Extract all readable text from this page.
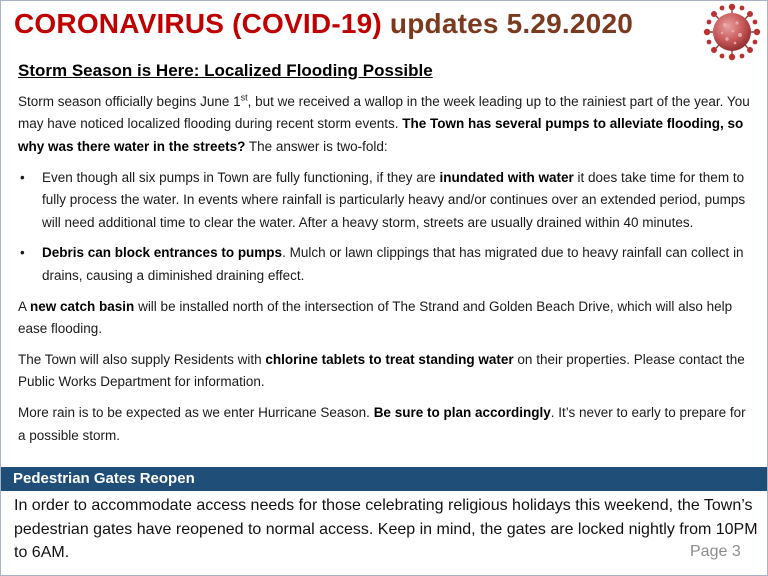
CORONAVIRUS (COVID-19) updates 5.29.2020
Storm Season is Here: Localized Flooding Possible

Storm season officially begins June 1st, but we received a wallop in the week leading up to the rainiest part of the year. You may have noticed localized flooding during recent storm events. The Town has several pumps to alleviate flooding, so why was there water in the streets? The answer is two-fold:

• Even though all six pumps in Town are fully functioning, if they are inundated with water it does take time for them to fully process the water. In events where rainfall is particularly heavy and/or continues over an extended period, pumps will need additional time to clear the water. After a heavy storm, streets are usually drained within 40 minutes.
• Debris can block entrances to pumps. Mulch or lawn clippings that has migrated due to heavy rainfall can collect in drains, causing a diminished draining effect.

A new catch basin will be installed north of the intersection of The Strand and Golden Beach Drive, which will also help ease flooding.

The Town will also supply Residents with chlorine tablets to treat standing water on their properties. Please contact the Public Works Department for information.

More rain is to be expected as we enter Hurricane Season. Be sure to plan accordingly. It’s never to early to prepare for a possible storm.

Pedestrian Gates Reopen
In order to accommodate access needs for those celebrating religious holidays this weekend, the Town’s pedestrian gates have reopened to normal access. Keep in mind, the gates are locked nightly from 10PM to 6AM.	Page 3
